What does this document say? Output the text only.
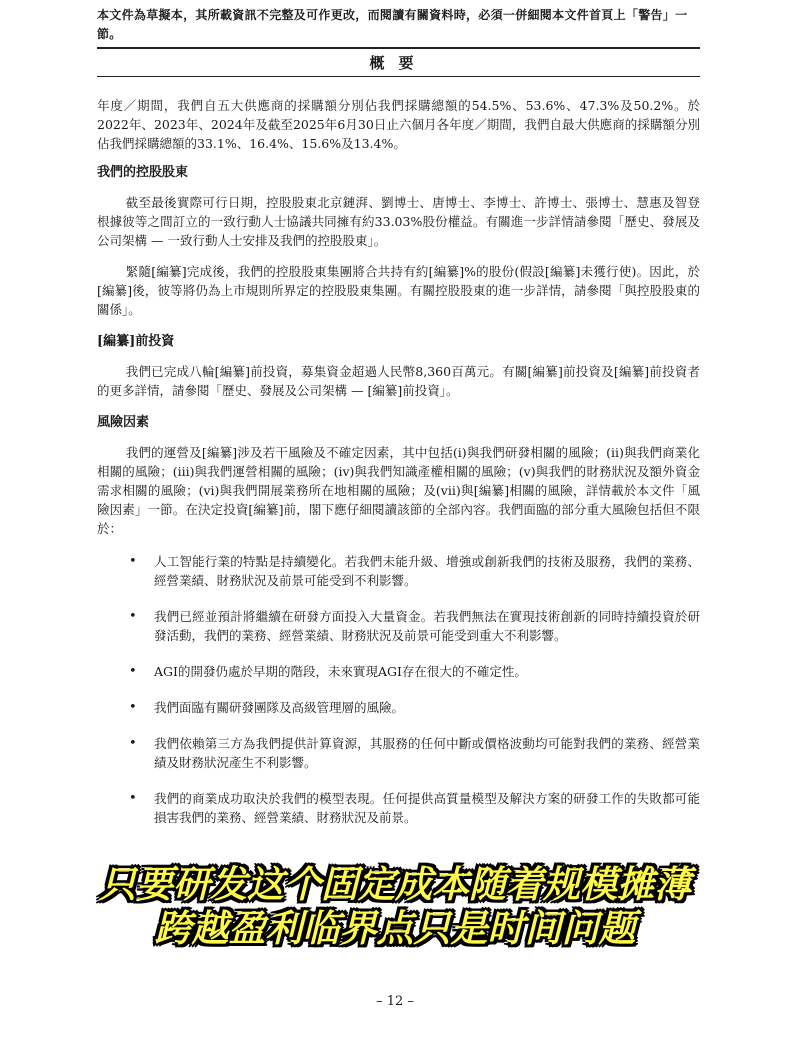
本文件為草擬本，其所載資訊不完整及可作更改，而閱讀有關資料時，必須一併細閱本文件首頁上「警告」一節。
概要

年度／期間，我們自五大供應商的採購額分別佔我們採購總額的54.5%、53.6%、47.3%及50.2%。於2022年、2023年、2024年及截至2025年6月30日止六個月各年度／期間，我們自最大供應商的採購額分別佔我們採購總額的33.1%、16.4%、15.6%及13.4%。

我們的控股股東

截至最後實際可行日期，控股股東北京鏈湃、劉博士、唐博士、李博士、許博士、張博士、慧惠及智登根據彼等之間訂立的一致行動人士協議共同擁有約33.03%股份權益。有關進一步詳情請參閱「歷史、發展及公司架構 — 一致行動人士安排及我們的控股股東」。

緊隨[編纂]完成後，我們的控股股東集團將合共持有約[編纂]%的股份(假設[編纂]未獲行使)。因此，於[編纂]後，彼等將仍為上市規則所界定的控股股東集團。有關控股股東的進一步詳情，請參閱「與控股股東的關係」。

[編纂]前投資

我們已完成八輪[編纂]前投資，募集資金超過人民幣8,360百萬元。有關[編纂]前投資及[編纂]前投資者的更多詳情，請參閱「歷史、發展及公司架構 — [編纂]前投資」。

風險因素

我們的運營及[編纂]涉及若干風險及不確定因素，其中包括(i)與我們研發相關的風險；(ii)與我們商業化相關的風險；(iii)與我們運營相關的風險；(iv)與我們知識產權相關的風險；(v)與我們的財務狀況及額外資金需求相關的風險；(vi)與我們開展業務所在地相關的風險；及(vii)與[編纂]相關的風險，詳情載於本文件「風險因素」一節。在決定投資[編纂]前，閣下應仔細閱讀該節的全部內容。我們面臨的部分重大風險包括但不限於：

• 人工智能行業的特點是持續變化。若我們未能升級、增強或創新我們的技術及服務，我們的業務、經營業績、財務狀況及前景可能受到不利影響。
• 我們已經並預計將繼續在研發方面投入大量資金。若我們無法在實現技術創新的同時持續投資於研發活動，我們的業務、經營業績、財務狀況及前景可能受到重大不利影響。
• AGI的開發仍處於早期的階段，未來實現AGI存在很大的不確定性。
• 我們面臨有關研發團隊及高級管理層的風險。
• 我們依賴第三方為我們提供計算資源，其服務的任何中斷或價格波動均可能對我們的業務、經營業績及財務狀況產生不利影響。
• 我們的商業成功取決於我們的模型表現。任何提供高質量模型及解決方案的研發工作的失敗都可能損害我們的業務、經營業績、財務狀況及前景。
只要研发这个固定成本随着规模摊薄
跨越盈利临界点只是时间问题
– 12 –
